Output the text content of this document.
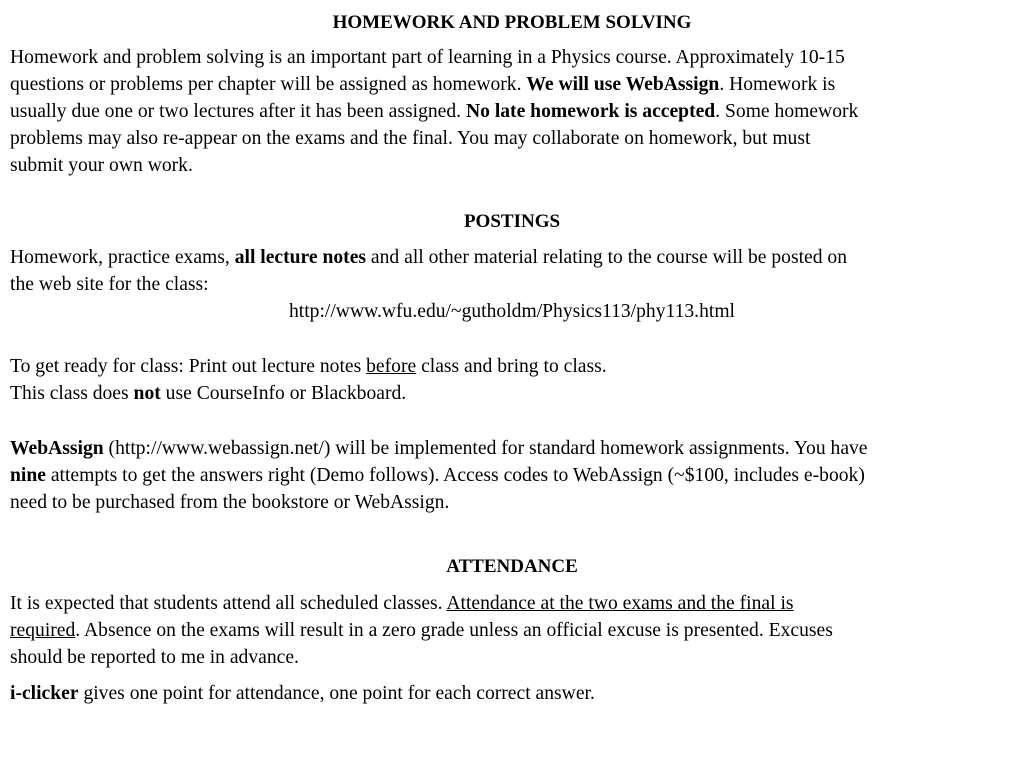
HOMEWORK AND PROBLEM SOLVING
Homework and problem solving is an important part of learning in a Physics course. Approximately 10-15
questions or problems per chapter will be assigned as homework. We will use WebAssign. Homework is
usually due one or two lectures after it has been assigned. No late homework is accepted. Some homework
problems may also re-appear on the exams and the final. You may collaborate on homework, but must
submit your own work.
POSTINGS
Homework, practice exams, all lecture notes and all other material relating to the course will be posted on
the web site for the class:
http://www.wfu.edu/~gutholdm/Physics113/phy113.html
To get ready for class: Print out lecture notes before class and bring to class.
This class does not use CourseInfo or Blackboard.
WebAssign (http://www.webassign.net/) will be implemented for standard homework assignments. You have
nine attempts to get the answers right (Demo follows). Access codes to WebAssign (~$100, includes e-book)
need to be purchased from the bookstore or WebAssign.
ATTENDANCE
It is expected that students attend all scheduled classes. Attendance at the two exams and the final is
required. Absence on the exams will result in a zero grade unless an official excuse is presented. Excuses
should be reported to me in advance.
i-clicker gives one point for attendance, one point for each correct answer.
